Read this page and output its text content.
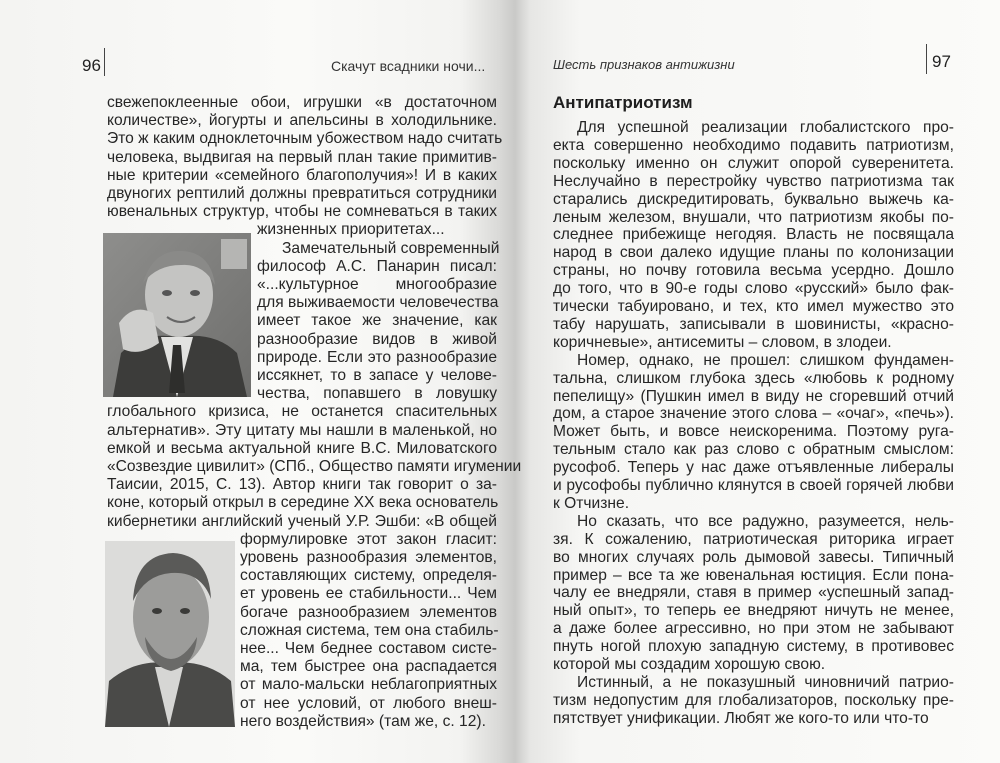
96	Скачут всадники ночи...
свежепоклеенные обои, игрушки «в достаточном
количестве», йогурты и апельсины в холодильнике.
Это ж каким одноклеточным убожеством надо считать
человека, выдвигая на первый план такие примитив-
ные критерии «семейного благополучия»! И в каких
двуногих рептилий должны превратиться сотрудники
ювенальных структур, чтобы не сомневаться в таких
жизненных приоритетах...
Замечательный современный
философ А.С. Панарин писал:
«...культурное многообразие
для выживаемости человечества
имеет такое же значение, как
разнообразие видов в живой
природе. Если это разнообразие
иссякнет, то в запасе у челове-
чества, попавшего в ловушку
глобального кризиса, не останется спасительных
альтернатив». Эту цитату мы нашли в маленькой, но
емкой и весьма актуальной книге В.С. Миловатского
«Созвездие цивилит» (СПб., Общество памяти игумении
Таисии, 2015, С. 13). Автор книги так говорит о за-
коне, который открыл в середине XX века основатель
кибернетики английский ученый У.Р. Эшби: «В общей
формулировке этот закон гласит:
уровень разнообразия элементов,
составляющих систему, определя-
ет уровень ее стабильности... Чем
богаче разнообразием элементов
сложная система, тем она стабиль-
нее... Чем беднее составом систе-
ма, тем быстрее она распадается
от мало-мальски неблагоприятных
от нее условий, от любого внеш-
него воздействия» (там же, с. 12).
Шесть признаков антижизни	97
Антипатриотизм
Для успешной реализации глобалистского про-
екта совершенно необходимо подавить патриотизм,
поскольку именно он служит опорой суверенитета.
Неслучайно в перестройку чувство патриотизма так
старались дискредитировать, буквально выжечь ка-
леным железом, внушали, что патриотизм якобы по-
следнее прибежище негодяя. Власть не посвящала
народ в свои далеко идущие планы по колонизации
страны, но почву готовила весьма усердно. Дошло
до того, что в 90-е годы слово «русский» было фак-
тически табуировано, и тех, кто имел мужество это
табу нарушать, записывали в шовинисты, «красно-
коричневые», антисемиты – словом, в злодеи.
Номер, однако, не прошел: слишком фундамен-
тальна, слишком глубока здесь «любовь к родному
пепелищу» (Пушкин имел в виду не сгоревший отчий
дом, а старое значение этого слова – «очаг», «печь»).
Может быть, и вовсе неискоренима. Поэтому руга-
тельным стало как раз слово с обратным смыслом:
русофоб. Теперь у нас даже отъявленные либералы
и русофобы публично клянутся в своей горячей любви
к Отчизне.
Но сказать, что все радужно, разумеется, нель-
зя. К сожалению, патриотическая риторика играет
во многих случаях роль дымовой завесы. Типичный
пример – все та же ювенальная юстиция. Если пона-
чалу ее внедряли, ставя в пример «успешный запад-
ный опыт», то теперь ее внедряют ничуть не менее,
а даже более агрессивно, но при этом не забывают
пнуть ногой плохую западную систему, в противовес
которой мы создадим хорошую свою.
Истинный, а не показушный чиновничий патрио-
тизм недопустим для глобализаторов, поскольку пре-
пятствует унификации. Любят же кого-то или что-то
